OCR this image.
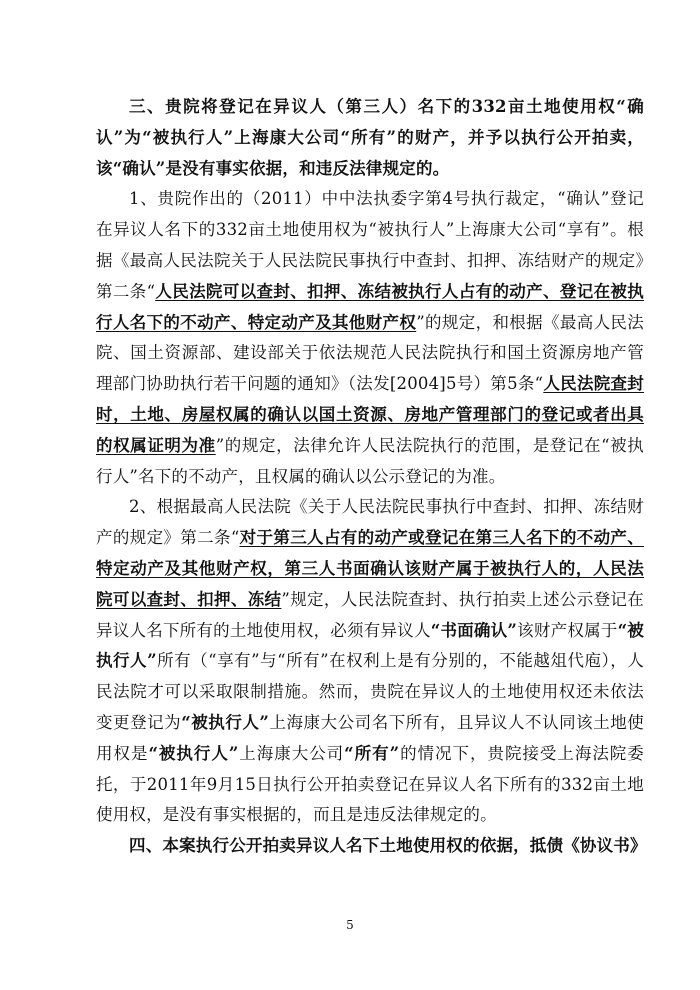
三、贵院将登记在异议人（第三人）名下的332亩土地使用权“确认”为“被执行人”上海康大公司“所有”的财产，并予以执行公开拍卖，该“确认”是没有事实依据，和违反法律规定的。

1、贵院作出的（2011）中中法执委字第4号执行裁定，“确认”登记在异议人名下的332亩土地使用权为“被执行人”上海康大公司“享有”。根据《最高人民法院关于人民法院民事执行中查封、扣押、冻结财产的规定》第二条“人民法院可以查封、扣押、冻结被执行人占有的动产、登记在被执行人名下的不动产、特定动产及其他财产权”的规定，和根据《最高人民法院、国土资源部、建设部关于依法规范人民法院执行和国土资源房地产管理部门协助执行若干问题的通知》（法发[2004]5号）第5条“人民法院查封时，土地、房屋权属的确认以国土资源、房地产管理部门的登记或者出具的权属证明为准”的规定，法律允许人民法院执行的范围，是登记在“被执行人”名下的不动产，且权属的确认以公示登记的为准。

2、根据最高人民法院《关于人民法院民事执行中查封、扣押、冻结财产的规定》第二条“对于第三人占有的动产或登记在第三人名下的不动产、特定动产及其他财产权，第三人书面确认该财产属于被执行人的，人民法院可以查封、扣押、冻结”规定，人民法院查封、执行拍卖上述公示登记在异议人名下所有的土地使用权，必须有异议人“书面确认”该财产权属于“被执行人”所有（“享有”与“所有”在权利上是有分别的，不能越俎代庖），人民法院才可以采取限制措施。然而，贵院在异议人的土地使用权还未依法变更登记为“被执行人”上海康大公司名下所有，且异议人不认同该土地使用权是“被执行人”上海康大公司“所有”的情况下，贵院接受上海法院委托，于2011年9月15日执行公开拍卖登记在异议人名下所有的332亩土地使用权，是没有事实根据的，而且是违反法律规定的。

四、本案执行公开拍卖异议人名下土地使用权的依据，抵债《协议书》

5
